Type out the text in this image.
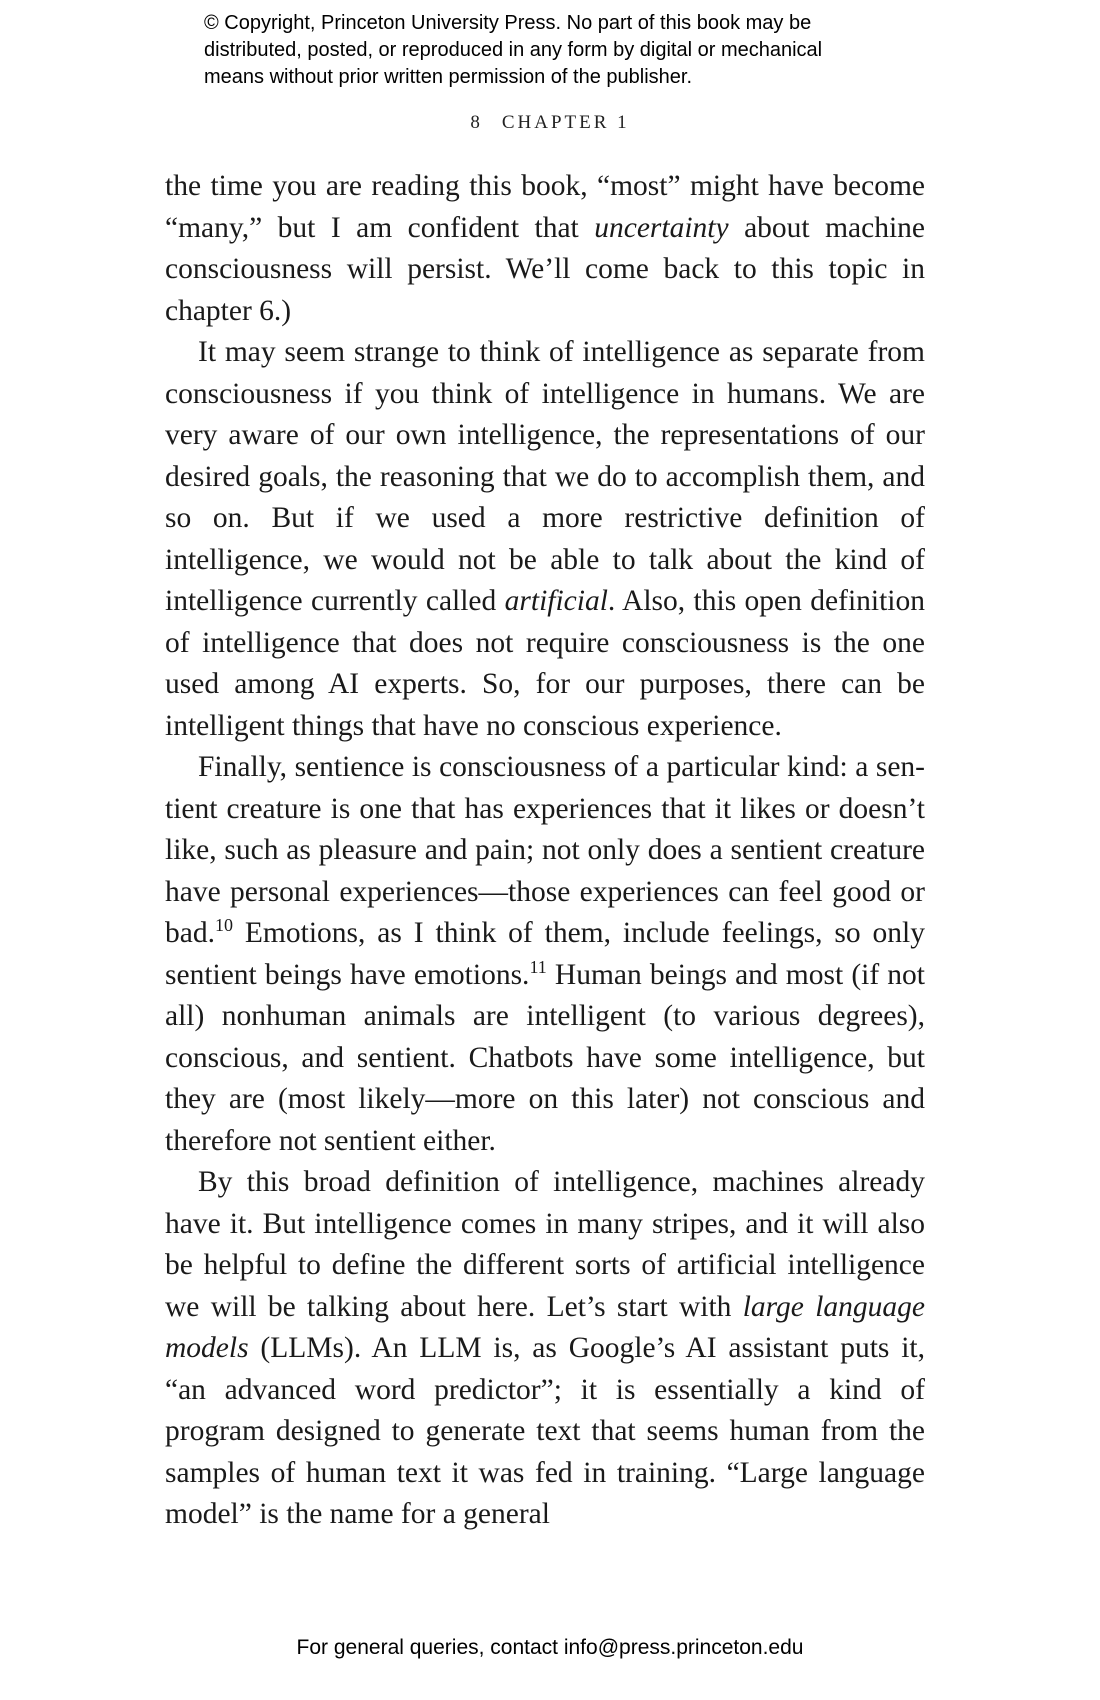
© Copyright, Princeton University Press. No part of this book may be
distributed, posted, or reproduced in any form by digital or mechanical
means without prior written permission of the publisher.
8 CHAPTER 1

the time you are reading this book, “most” might have become “many,” but I am confident that uncertainty about machine consciousness will persist. We’ll come back to this topic in chapter 6.)

It may seem strange to think of intelligence as separate from consciousness if you think of intelligence in humans. We are very aware of our own intelligence, the representations of our desired goals, the reasoning that we do to accomplish them, and so on. But if we used a more restrictive definition of intelligence, we would not be able to talk about the kind of intelligence currently called artificial. Also, this open definition of intelligence that does not require consciousness is the one used among AI experts. So, for our purposes, there can be intelligent things that have no conscious experience.

Finally, sentience is consciousness of a particular kind: a sentient creature is one that has experiences that it likes or doesn’t like, such as pleasure and pain; not only does a sentient creature have personal experiences—those experiences can feel good or bad.$^{10}$ Emotions, as I think of them, include feelings, so only sentient beings have emotions.$^{11}$ Human beings and most (if not all) nonhuman animals are intelligent (to various degrees), conscious, and sentient. Chatbots have some intelligence, but they are (most likely—more on this later) not conscious and therefore not sentient either.

By this broad definition of intelligence, machines already have it. But intelligence comes in many stripes, and it will also be helpful to define the different sorts of artificial intelligence we will be talking about here. Let’s start with large language models (LLMs). An LLM is, as Google’s AI assistant puts it, “an advanced word predictor”; it is essentially a kind of program designed to generate text that seems human from the samples of human text it was fed in training. “Large language model” is the name for a general

For general queries, contact info@press.princeton.edu
